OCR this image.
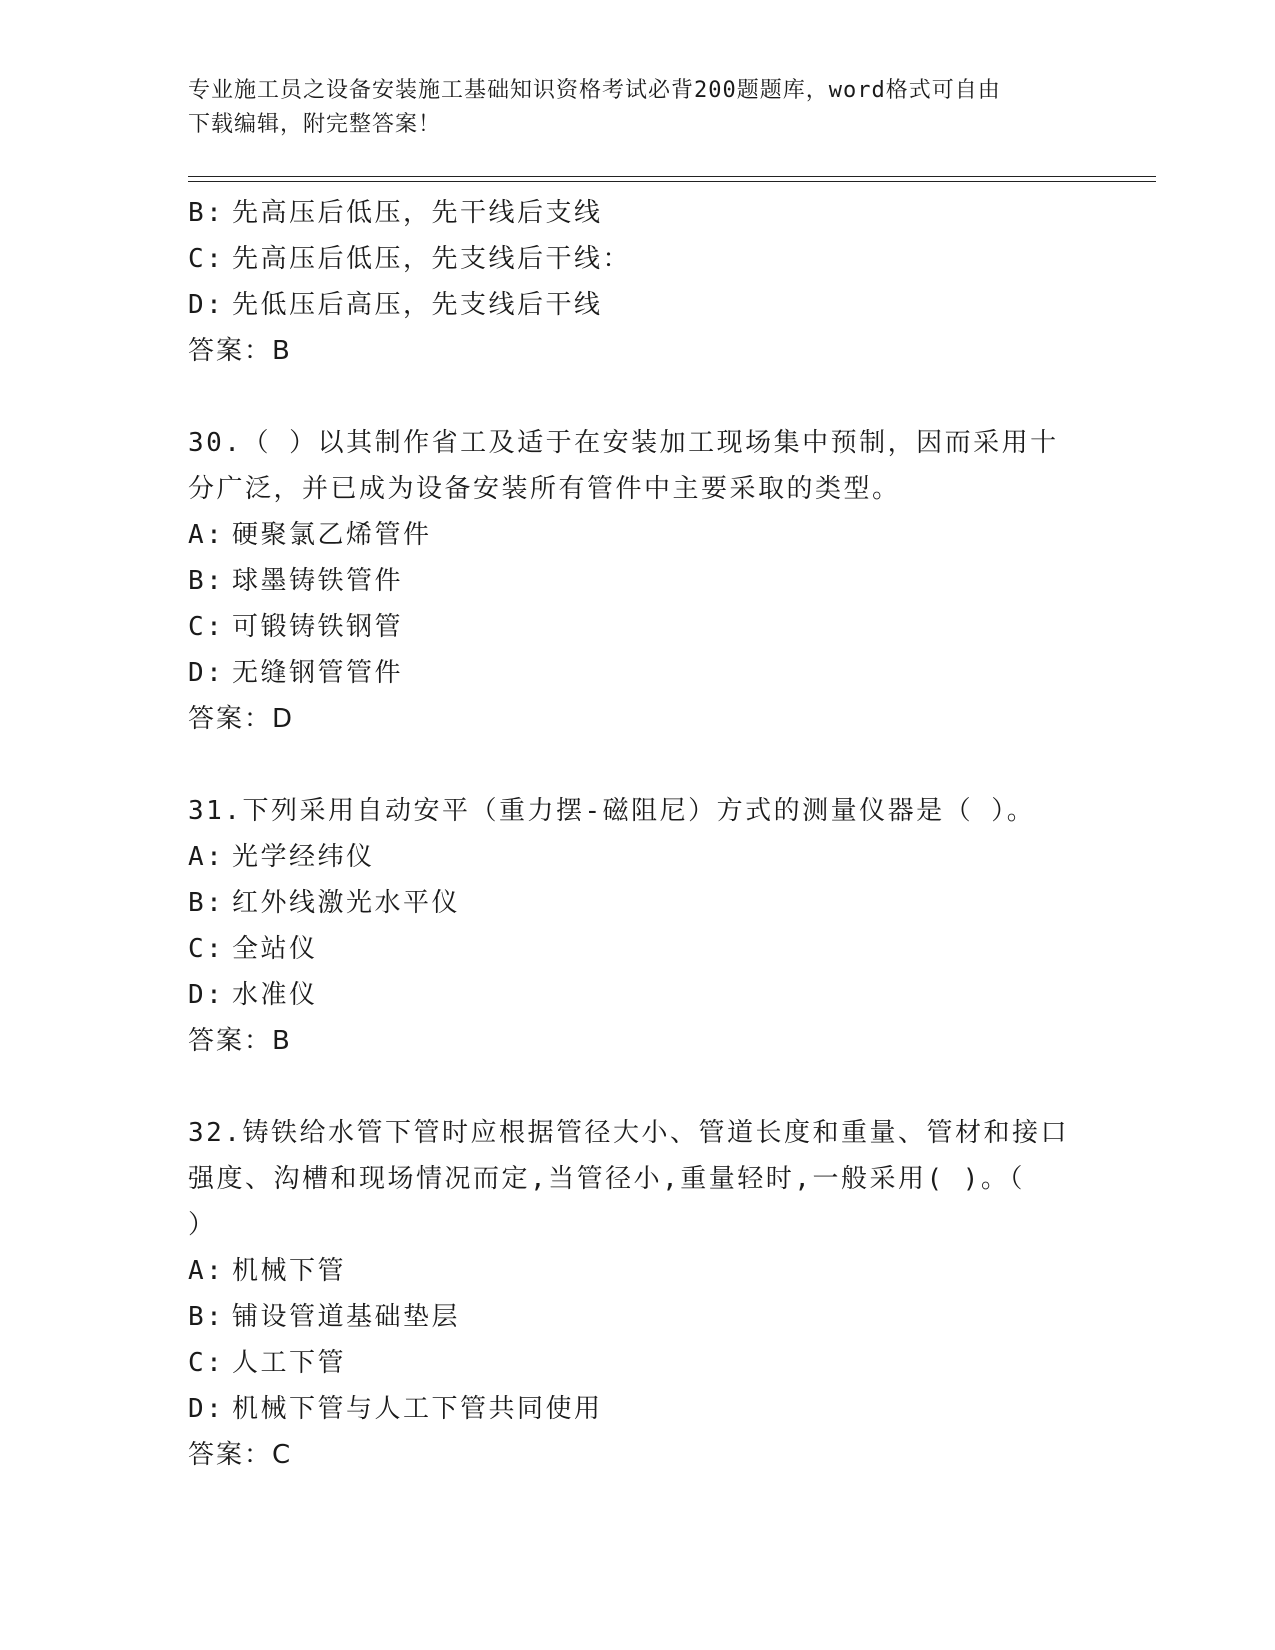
专业施工员之设备安装施工基础知识资格考试必背200题题库，word格式可自由
下载编辑，附完整答案！
B: 先高压后低压，先干线后支线
C: 先高压后低压，先支线后干线：
D: 先低压后高压，先支线后干线
答案：B
30.（ ）以其制作省工及适于在安装加工现场集中预制，因而采用十
分广泛，并已成为设备安装所有管件中主要采取的类型。
A: 硬聚氯乙烯管件
B: 球墨铸铁管件
C: 可锻铸铁钢管
D: 无缝钢管管件
答案：D
31.下列采用自动安平（重力摆-磁阻尼）方式的测量仪器是（ ）。
A: 光学经纬仪
B: 红外线激光水平仪
C: 全站仪
D: 水准仪
答案：B
32.铸铁给水管下管时应根据管径大小、管道长度和重量、管材和接口
强度、沟槽和现场情况而定,当管径小,重量轻时,一般采用( )。（
）
A: 机械下管
B: 铺设管道基础垫层
C: 人工下管
D: 机械下管与人工下管共同使用
答案：C
